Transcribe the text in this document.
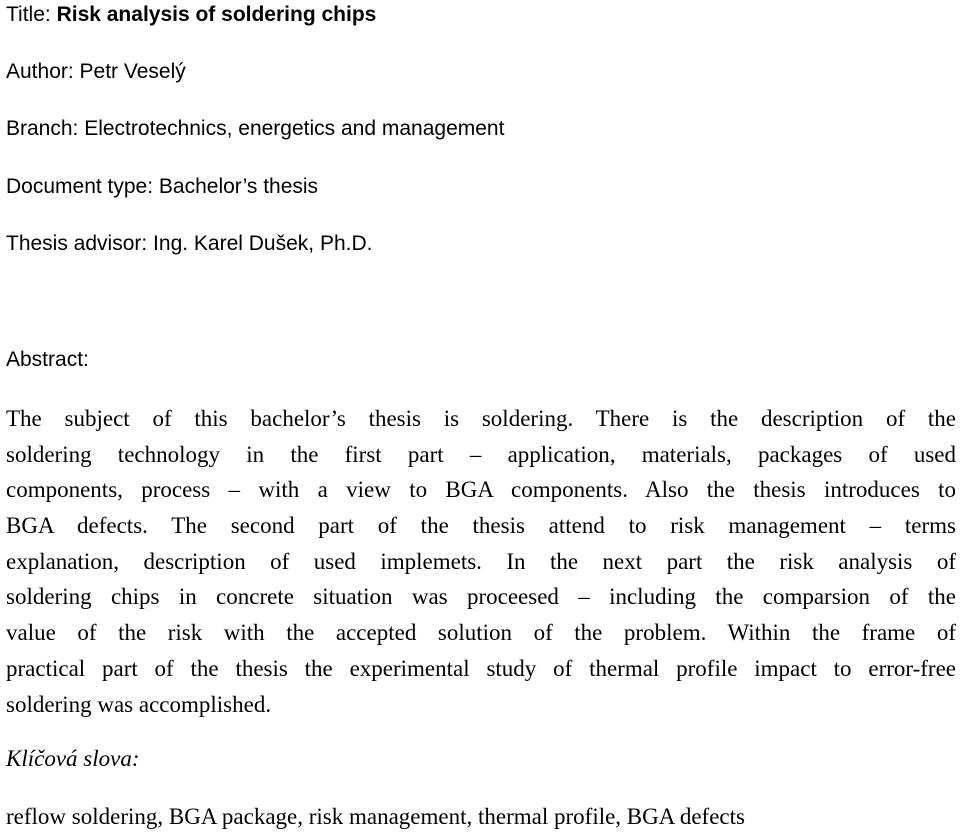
Title: Risk analysis of soldering chips
Author: Petr Veselý
Branch: Electrotechnics, energetics and management
Document type: Bachelor’s thesis
Thesis advisor: Ing. Karel Dušek, Ph.D.
Abstract:
The subject of this bachelor’s thesis is soldering. There is the description of the
soldering technology in the first part – application, materials, packages of used
components, process – with a view to BGA components. Also the thesis introduces to
BGA defects. The second part of the thesis attend to risk management – terms
explanation, description of used implemets. In the next part the risk analysis of
soldering chips in concrete situation was proceesed – including the comparsion of the
value of the risk with the accepted solution of the problem. Within the frame of
practical part of the thesis the experimental study of thermal profile impact to error-free
soldering was accomplished.
Klíčová slova:
reflow soldering, BGA package, risk management, thermal profile, BGA defects
